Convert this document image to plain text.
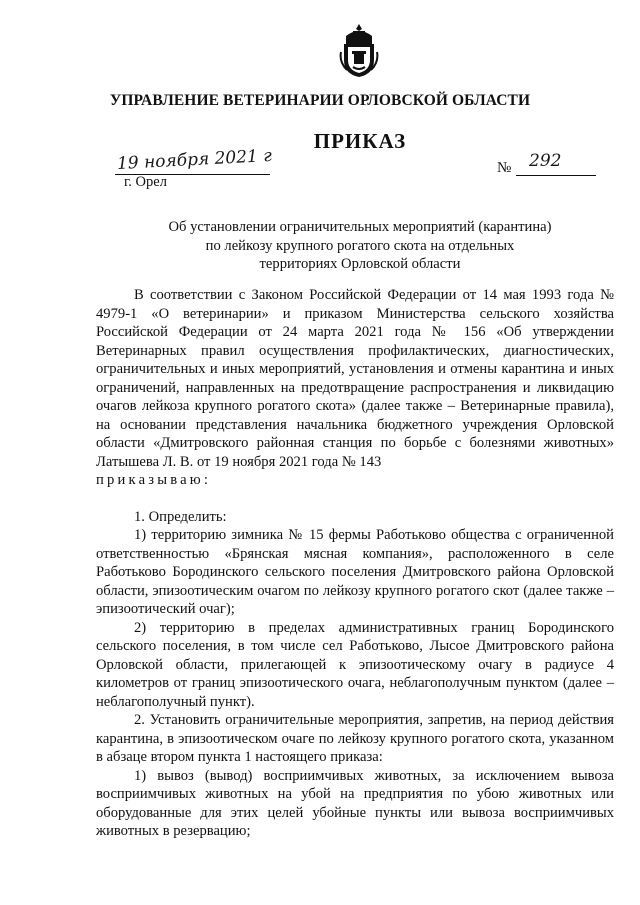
УПРАВЛЕНИЕ ВЕТЕРИНАРИИ ОРЛОВСКОЙ ОБЛАСТИ
ПРИКАЗ
19 ноября 2021 г
г. Орел
№ 292
Об установлении ограничительных мероприятий (карантина)
по лейкозу крупного рогатого скота на отдельных
территориях Орловской области

В соответствии с Законом Российской Федерации от 14 мая 1993 года № 4979-1 «О ветеринарии» и приказом Министерства сельского хозяйства Российской Федерации от 24 марта 2021 года № 156 «Об утверждении Ветеринарных правил осуществления профилактических, диагностических, ограничительных и иных мероприятий, установления и отмены карантина и иных ограничений, направленных на предотвращение распространения и ликвидацию очагов лейкоза крупного рогатого скота» (далее также – Ветеринарные правила), на основании представления начальника бюджетного учреждения Орловской области «Дмитровского районная станция по борьбе с болезнями животных» Латышева Л. В. от 19 ноября 2021 года № 143

приказываю:

1. Определить:

1) территорию зимника № 15 фермы Работьково общества с ограниченной ответственностью «Брянская мясная компания», расположенного в селе Работьково Бородинского сельского поселения Дмитровского района Орловской области, эпизоотическим очагом по лейкозу крупного рогатого скот (далее также – эпизоотический очаг);

2) территорию в пределах административных границ Бородинского сельского поселения, в том числе сел Работьково, Лысое Дмитровского района Орловской области, прилегающей к эпизоотическому очагу в радиусе 4 километров от границ эпизоотического очага, неблагополучным пунктом (далее – неблагополучный пункт).

2. Установить ограничительные мероприятия, запретив, на период действия карантина, в эпизоотическом очаге по лейкозу крупного рогатого скота, указанном в абзаце втором пункта 1 настоящего приказа:

1) вывоз (вывод) восприимчивых животных, за исключением вывоза восприимчивых животных на убой на предприятия по убою животных или оборудованные для этих целей убойные пункты или вывоза восприимчивых животных в резервацию;
